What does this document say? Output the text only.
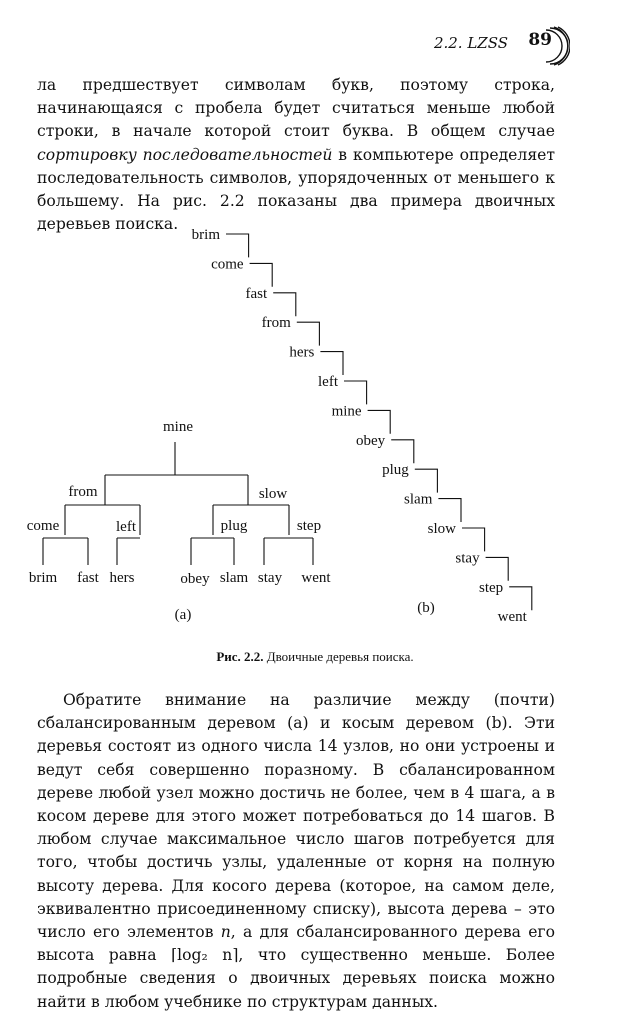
2.2. LZSS 89

ла предшествует символам букв, поэтому строка, начинающаяся с пробела будет считаться меньше любой строки, в начале которой стоит буква. В общем случае сортировку последовательностей в компьютере определяет последовательность символов, упорядоченных от меньшего к большему. На рис. 2.2 показаны два примера двоичных деревьев поиска.

mine
from	slow
come	left	plug	step
brim fast hers	obey slam stay went
(a)
brim
come
fast
from
hers
left
mine
obey
plug
slam
slow
stay
step
went
(b)
Рис. 2.2. Двоичные деревья поиска.

Обратите внимание на различие между (почти) сбалансированным деревом (a) и косым деревом (b). Эти деревья состоят из одного числа 14 узлов, но они устроены и ведут себя совершенно поразному. В сбалансированном дереве любой узел можно достичь не более, чем в 4 шага, а в косом дереве для этого может потребоваться до 14 шагов. В любом случае максимальное число шагов потребуется для того, чтобы достичь узлы, удаленные от корня на полную высоту дерева. Для косого дерева (которое, на самом деле, эквивалентно присоединенному списку), высота дерева – это число его элементов n, а для сбалансированного дерева его высота равна ⌈log₂ n⌉, что существенно меньше. Более подробные сведения о двоичных деревьях поиска можно найти в любом учебнике по структурам данных.
